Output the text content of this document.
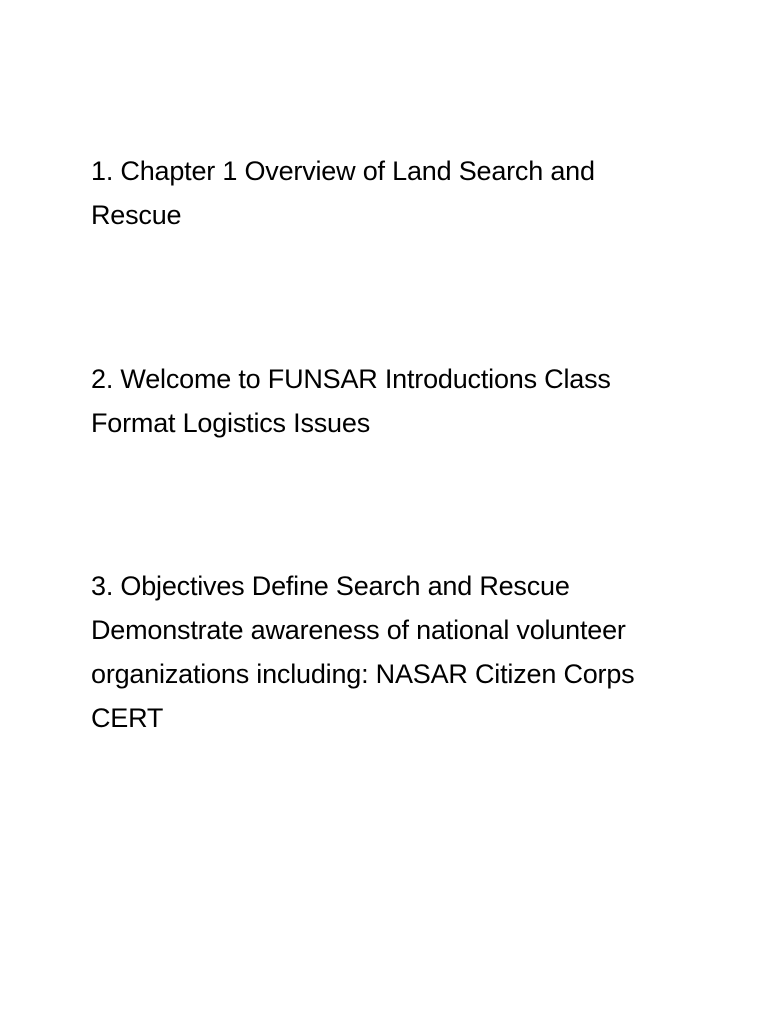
1. Chapter 1 Overview of Land Search and Rescue
2. Welcome to FUNSAR Introductions Class Format Logistics Issues
3. Objectives Define Search and Rescue Demonstrate awareness of national volunteer organizations including: NASAR Citizen Corps CERT
